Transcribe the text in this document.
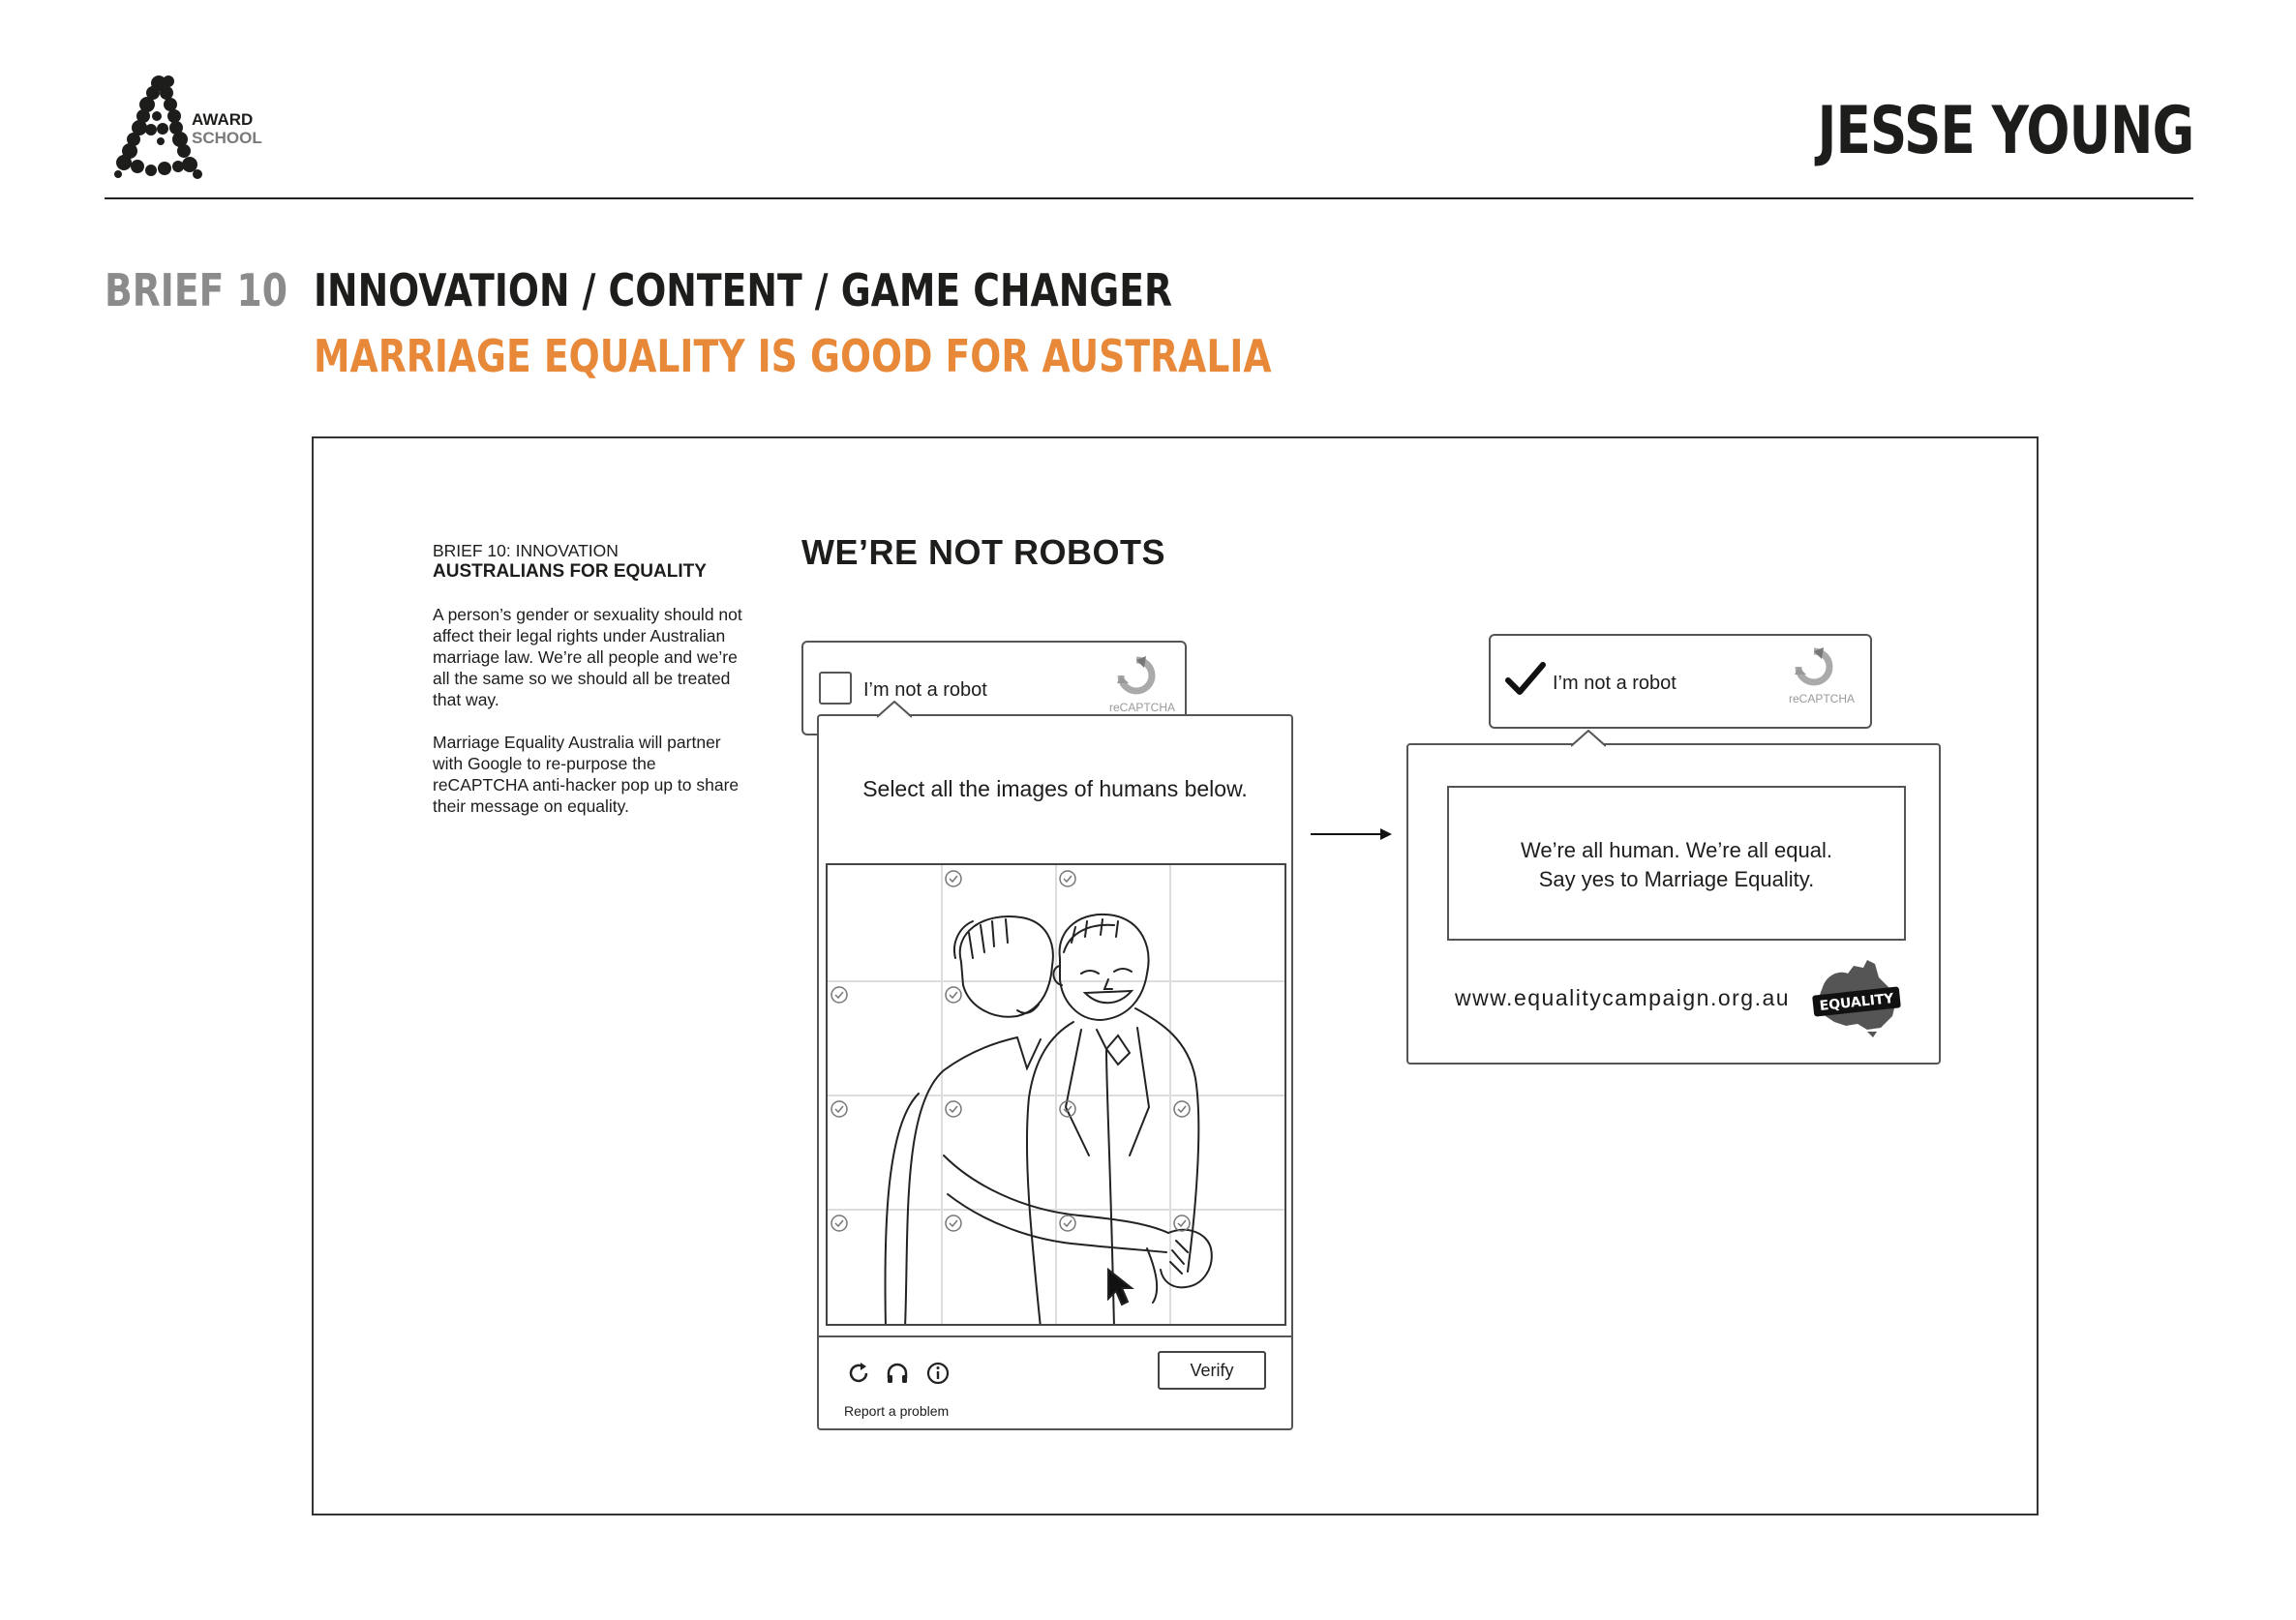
AWARD
SCHOOL	JESSE YOUNG
BRIEF 10 INNOVATION / CONTENT / GAME CHANGER
MARRIAGE EQUALITY IS GOOD FOR AUSTRALIA

BRIEF 10: INNOVATION

AUSTRALIANS FOR EQUALITY

A person’s gender or sexuality should not affect their legal rights under Australian marriage law. We’re all people and we’re all the same so we should all be treated that way.

Marriage Equality Australia will partner with Google to re-purpose the reCAPTCHA anti-hacker pop up to share their message on equality.

WE’RE NOT ROBOTS
I’m not a robot
reCAPTCHA
Select all the images of humans below.
Report a problem
Verify
I’m not a robot
reCAPTCHA
We’re all human. We’re all equal.
Say yes to Marriage Equality.
www.equalitycampaign.org.au EQUALITY
